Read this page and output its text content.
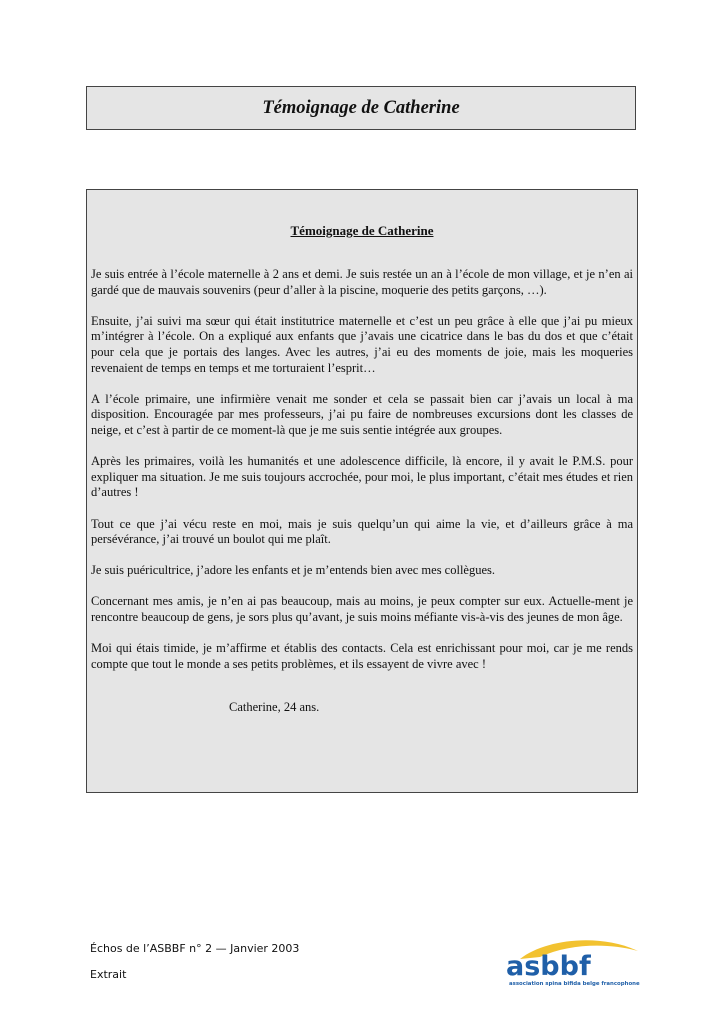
Témoignage de Catherine

Témoignage de Catherine

Je suis entrée à l’école maternelle à 2 ans et demi. Je suis restée un an à l’école de mon village, et je n’en ai gardé que de mauvais souvenirs (peur d’aller à la piscine, moquerie des petits garçons, …).

Ensuite, j’ai suivi ma sœur qui était institutrice maternelle et c’est un peu grâce à elle que j’ai pu mieux m’intégrer à l’école. On a expliqué aux enfants que j’avais une cicatrice dans le bas du dos et que c’était pour cela que je portais des langes. Avec les autres, j’ai eu des moments de joie, mais les moqueries revenaient de temps en temps et me torturaient l’esprit…

A l’école primaire, une infirmière venait me sonder et cela se passait bien car j’avais un local à ma disposition. Encouragée par mes professeurs, j’ai pu faire de nombreuses excursions dont les classes de neige, et c’est à partir de ce moment-là que je me suis sentie intégrée aux groupes.

Après les primaires, voilà les humanités et une adolescence difficile, là encore, il y avait le P.M.S. pour expliquer ma situation. Je me suis toujours accrochée, pour moi, le plus important, c’était mes études et rien d’autres !

Tout ce que j’ai vécu reste en moi, mais je suis quelqu’un qui aime la vie, et d’ailleurs grâce à ma persévérance, j’ai trouvé un boulot qui me plaît.

Je suis puéricultrice, j’adore les enfants et je m’entends bien avec mes collègues.

Concernant mes amis, je n’en ai pas beaucoup, mais au moins, je peux compter sur eux. Actuelle-ment je rencontre beaucoup de gens, je sors plus qu’avant, je suis moins méfiante vis-à-vis des jeunes de mon âge.

Moi qui étais timide, je m’affirme et établis des contacts. Cela est enrichissant pour moi, car je me rends compte que tout le monde a ses petits problèmes, et ils essayent de vivre avec !

Catherine, 24 ans.

Échos de l’ASBBF n° 2 — Janvier 2003
Extrait	asbbf
association spina bifida belge francophone
